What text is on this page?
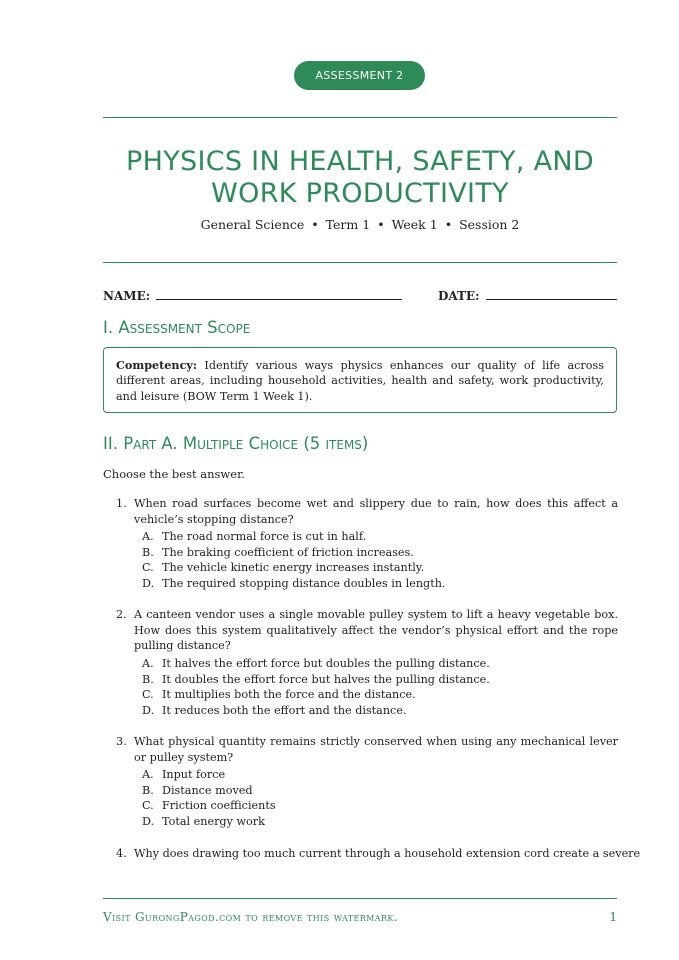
ASSESSMENT 2
PHYSICS IN HEALTH, SAFETY, AND
WORK PRODUCTIVITY
General Science • Term 1 • Week 1 • Session 2
NAME:	DATE:
I. Assessment Scope
Competency: Identify various ways physics enhances our quality of life across different areas, including household activities, health and safety, work productivity, and leisure (BOW Term 1 Week 1).
II. Part A. Multiple Choice (5 items)
Choose the best answer.
1. When road surfaces become wet and slippery due to rain, how does this affect a vehicle’s stopping distance?
A. The road normal force is cut in half.
B. The braking coefficient of friction increases.
C. The vehicle kinetic energy increases instantly.
D. The required stopping distance doubles in length.
2. A canteen vendor uses a single movable pulley system to lift a heavy vegetable box. How does this system qualitatively affect the vendor’s physical effort and the rope pulling distance?
A. It halves the effort force but doubles the pulling distance.
B. It doubles the effort force but halves the pulling distance.
C. It multiplies both the force and the distance.
D. It reduces both the effort and the distance.
3. What physical quantity remains strictly conserved when using any mechanical lever or pulley system?
A. Input force
B. Distance moved
C. Friction coefficients
D. Total energy work
4. Why does drawing too much current through a household extension cord create a severe
Visit GurongPagod.com to remove this watermark.	1
